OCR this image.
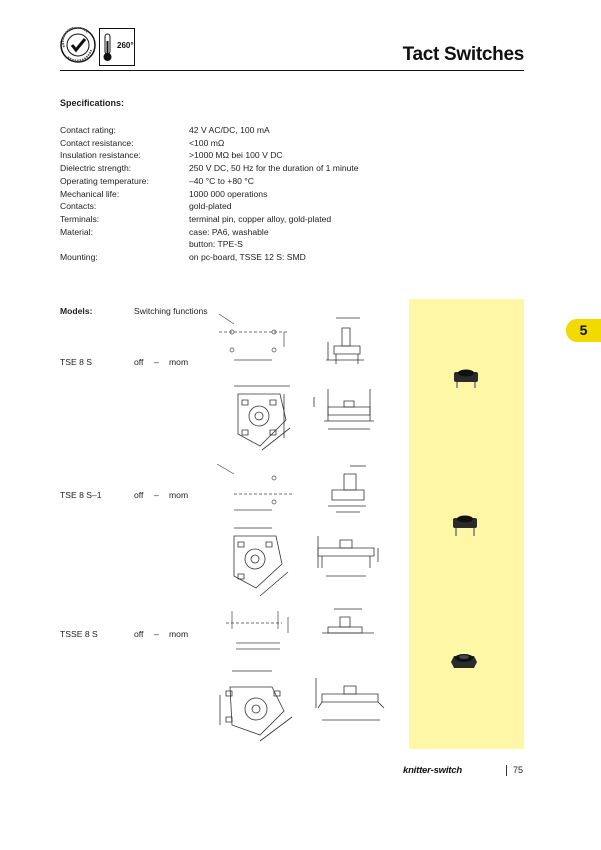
260°	Tact Switches
Specifications:
Contact rating:	42 V AC/DC, 100 mA
Contact resistance:	<100 mΩ
Insulation resistance:	>1000 MΩ bei 100 V DC
Dielectric strength:	250 V DC, 50 Hz for the duration of 1 minute
Operating temperature:	–40 °C to +80 °C
Mechanical life:	1000 000 operations
Contacts:	gold-plated
Terminals:	terminal pin, copper alloy, gold-plated
Material:	case: PA6, washable
button: TPE-S
Mounting:	on pc-board, TSSE 12 S: SMD
5
Models:	Switching functions
TSE 8 S	off – mom
TSE 8 S–1	off – mom
TSSE 8 S	off – mom
knitter-switch	75
